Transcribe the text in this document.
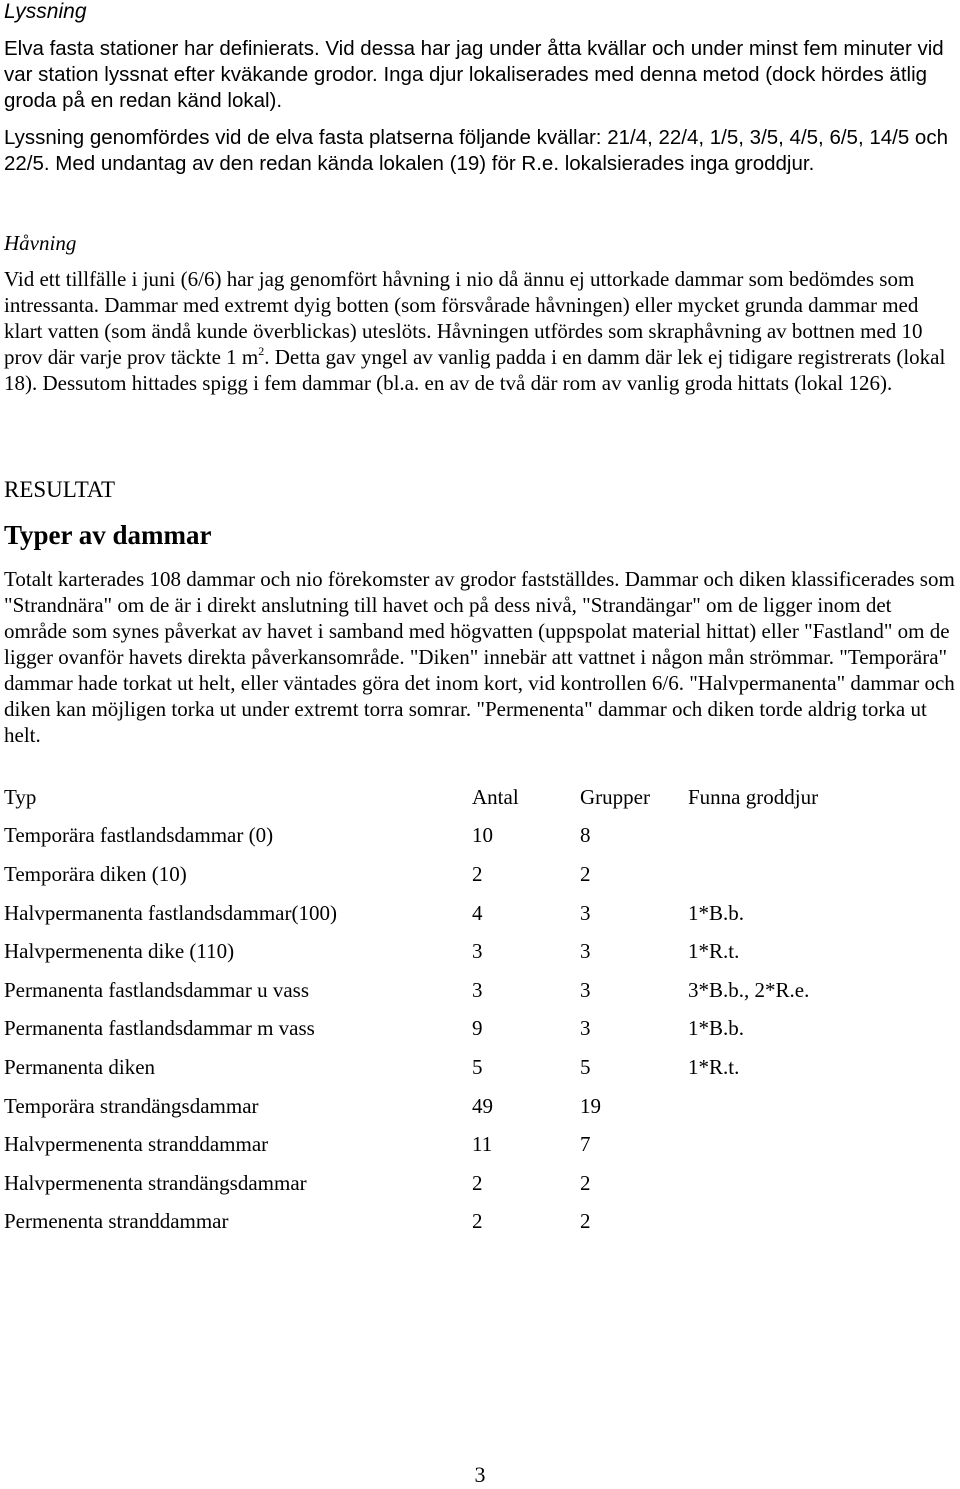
Lyssning

Elva fasta stationer har definierats. Vid dessa har jag under åtta kvällar och under minst fem minuter vid var station lyssnat efter kväkande grodor. Inga djur lokaliserades med denna metod (dock hördes ätlig groda på en redan känd lokal).

Lyssning genomfördes vid de elva fasta platserna följande kvällar: 21/4, 22/4, 1/5, 3/5, 4/5, 6/5, 14/5 och 22/5. Med undantag av den redan kända lokalen (19) för R.e. lokalsierades inga groddjur.

Håvning

Vid ett tillfälle i juni (6/6) har jag genomfört håvning i nio då ännu ej uttorkade dammar som bedömdes som intressanta. Dammar med extremt dyig botten (som försvårade håvningen) eller mycket grunda dammar med klart vatten (som ändå kunde överblickas) uteslöts. Håvningen utfördes som skraphåvning av bottnen med 10 prov där varje prov täckte 1 $m^2$. Detta gav yngel av vanlig padda i en damm där lek ej tidigare registrerats (lokal 18). Dessutom hittades spigg i fem dammar (bl.a. en av de två där rom av vanlig groda hittats (lokal 126).

RESULTAT
Typer av dammar

Totalt karterades 108 dammar och nio förekomster av grodor fastställdes. Dammar och diken klassificerades som "Strandnära" om de är i direkt anslutning till havet och på dess nivå, "Strandängar" om de ligger inom det område som synes påverkat av havet i samband med högvatten (uppspolat material hittat) eller "Fastland" om de ligger ovanför havets direkta påverkansområde. "Diken" innebär att vattnet i någon mån strömmar. "Temporära" dammar hade torkat ut helt, eller väntades göra det inom kort, vid kontrollen 6/6. "Halvpermanenta" dammar och diken kan möjligen torka ut under extremt torra somrar. "Permenenta" dammar och diken torde aldrig torka ut helt.

Typ	Antal	Grupper	Funna groddjur
Temporära fastlandsdammar (0)	10	8	
Temporära diken (10)	2	2	
Halvpermanenta fastlandsdammar(100)	4	3	1*B.b.
Halvpermenenta dike (110)	3	3	1*R.t.
Permanenta fastlandsdammar u vass	3	3	3*B.b., 2*R.e.
Permanenta fastlandsdammar m vass	9	3	1*B.b.
Permanenta diken	5	5	1*R.t.
Temporära strandängsdammar	49	19	
Halvpermenenta stranddammar	11	7	
Halvpermenenta strandängsdammar	2	2	
Permenenta stranddammar	2	2	
3
